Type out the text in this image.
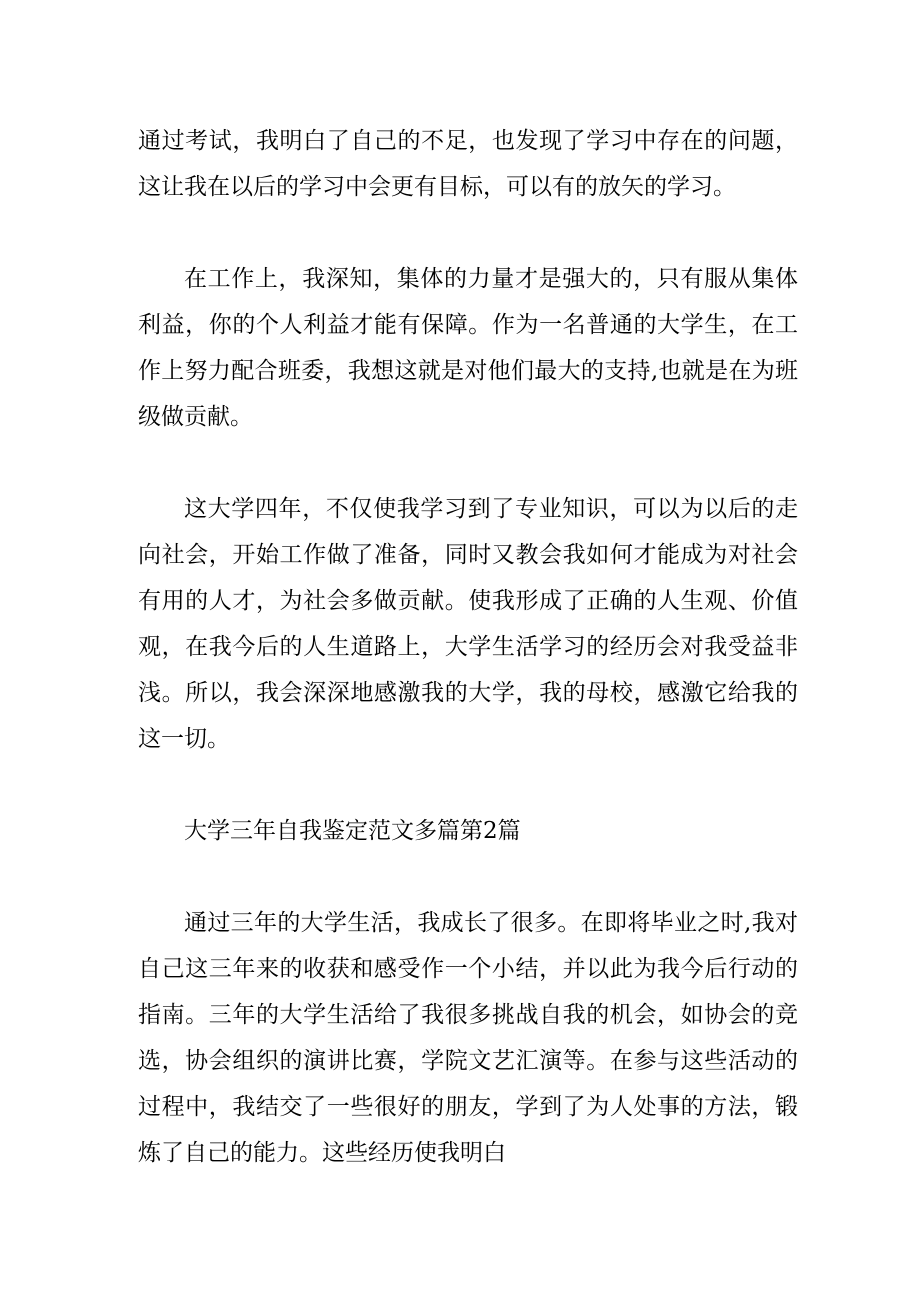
通过考试，我明白了自己的不足，也发现了学习中存在的问题，这让我在以后的学习中会更有目标，可以有的放矢的学习。

在工作上，我深知，集体的力量才是强大的，只有服从集体利益，你的个人利益才能有保障。作为一名普通的大学生，在工作上努力配合班委，我想这就是对他们最大的支持,也就是在为班级做贡献。

这大学四年，不仅使我学习到了专业知识，可以为以后的走向社会，开始工作做了准备，同时又教会我如何才能成为对社会有用的人才，为社会多做贡献。使我形成了正确的人生观、价值观，在我今后的人生道路上，大学生活学习的经历会对我受益非浅。所以，我会深深地感激我的大学，我的母校，感激它给我的这一切。

大学三年自我鉴定范文多篇第2篇

通过三年的大学生活，我成长了很多。在即将毕业之时,我对自己这三年来的收获和感受作一个小结，并以此为我今后行动的指南。三年的大学生活给了我很多挑战自我的机会，如协会的竞选，协会组织的演讲比赛，学院文艺汇演等。在参与这些活动的过程中，我结交了一些很好的朋友，学到了为人处事的方法，锻炼了自己的能力。这些经历使我明白
